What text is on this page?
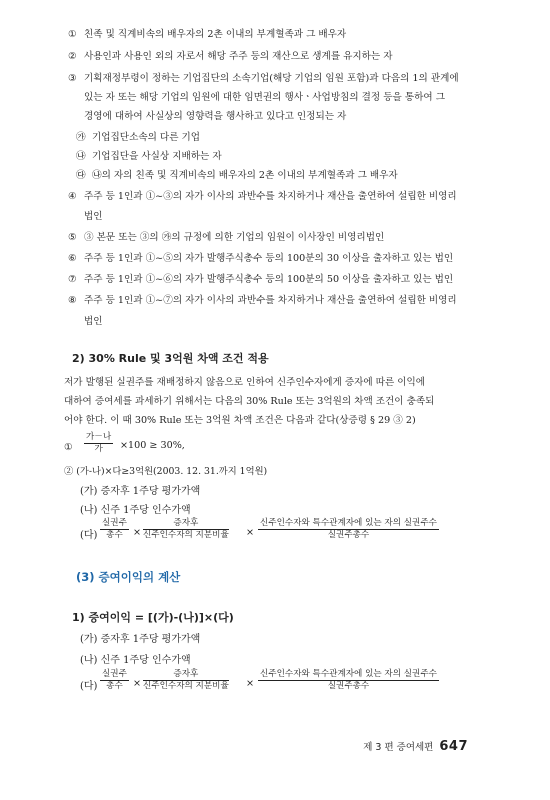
① 친족 및 직계비속의 배우자의 2촌 이내의 부계혈족과 그 배우자
② 사용인과 사용인 외의 자로서 해당 주주 등의 재산으로 생계를 유지하는 자
③ 기획재정부령이 정하는 기업집단의 소속기업(해당 기업의 임원 포함)과 다음의 1의 관계에
있는 자 또는 해당 기업의 임원에 대한 임면권의 행사ㆍ사업방침의 결정 등을 통하여 그
경영에 대하여 사실상의 영향력을 행사하고 있다고 인정되는 자
㉮ 기업집단소속의 다른 기업
㉯ 기업집단을 사실상 지배하는 자
㉰ ㉯의 자의 친족 및 직계비속의 배우자의 2촌 이내의 부계혈족과 그 배우자
④ 주주 등 1인과 ①~③의 자가 이사의 과반수를 차지하거나 재산을 출연하여 설립한 비영리
법인
⑤ ③ 본문 또는 ③의 ㉮의 규정에 의한 기업의 임원이 이사장인 비영리법인
⑥ 주주 등 1인과 ①~⑤의 자가 발행주식총수 등의 100분의 30 이상을 출자하고 있는 법인
⑦ 주주 등 1인과 ①~⑥의 자가 발행주식총수 등의 100분의 50 이상을 출자하고 있는 법인
⑧ 주주 등 1인과 ①~⑦의 자가 이사의 과반수를 차지하거나 재산을 출연하여 설립한 비영리
법인
2) 30% Rule 및 3억원 차액 조건 적용
저가 발행된 실권주를 재배정하지 않음으로 인하여 신주인수자에게 증자에 따른 이익에
대하여 증여세를 과세하기 위해서는 다음의 30% Rule 또는 3억원의 차액 조건이 충족되
어야 한다. 이 때 30% Rule 또는 3억원 차액 조건은 다음과 같다(상증령 § 29 ③ 2)
①
가－나
가	×100 ≥ 30%,
② (가-나)×다≥3억원(2003. 12. 31.까지 1억원)
(가) 증자후 1주당 평가가액
(나) 신주 1주당 인수가액
(다)
실권주
총수	×
증자후
신주인수자의 지분비율 ×
신주인수자와 특수관계자에 있는 자의 실권주수
실권주총수
(3) 증여이익의 계산
1) 증여이익 = [(가)-(나)]×(다)
(가) 증자후 1주당 평가가액
(나) 신주 1주당 인수가액
(다)
실권주
총수	×
증자후
신주인수자의 지분비율 ×
신주인수자와 특수관계자에 있는 자의 실권주수
실권주총수
제 3 편 증여세편 647
